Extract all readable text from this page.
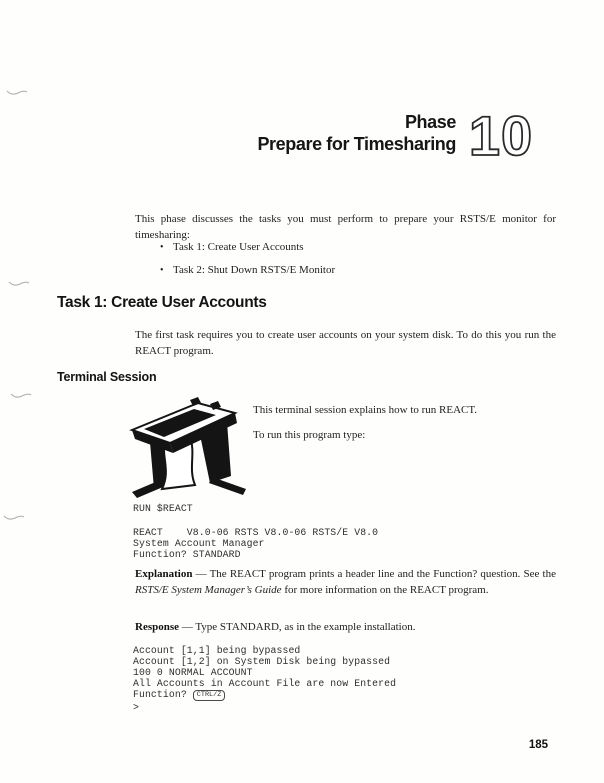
Phase
Prepare for Timesharing 10

This phase discusses the tasks you must perform to prepare your RSTS/E monitor for timesharing:

• Task 1: Create User Accounts
• Task 2: Shut Down RSTS/E Monitor
Task 1: Create User Accounts

The first task requires you to create user accounts on your system disk. To do this you run the REACT program.

Terminal Session
This terminal session explains how to run REACT.
To run this program type:
RUN $REACT
REACT    V8.0-06 RSTS V8.0-06 RSTS/E V8.0
System Account Manager
Function? STANDARD

Explanation — The REACT program prints a header line and the Function? question. See the RSTS/E System Manager’s Guide for more information on the REACT program.

Response — Type STANDARD, as in the example installation.

Account [1,1] being bypassed
Account [1,2] on System Disk being bypassed
100 0 NORMAL ACCOUNT
All Accounts in Account File are now Entered
Function? CTRL/Z
>
185
